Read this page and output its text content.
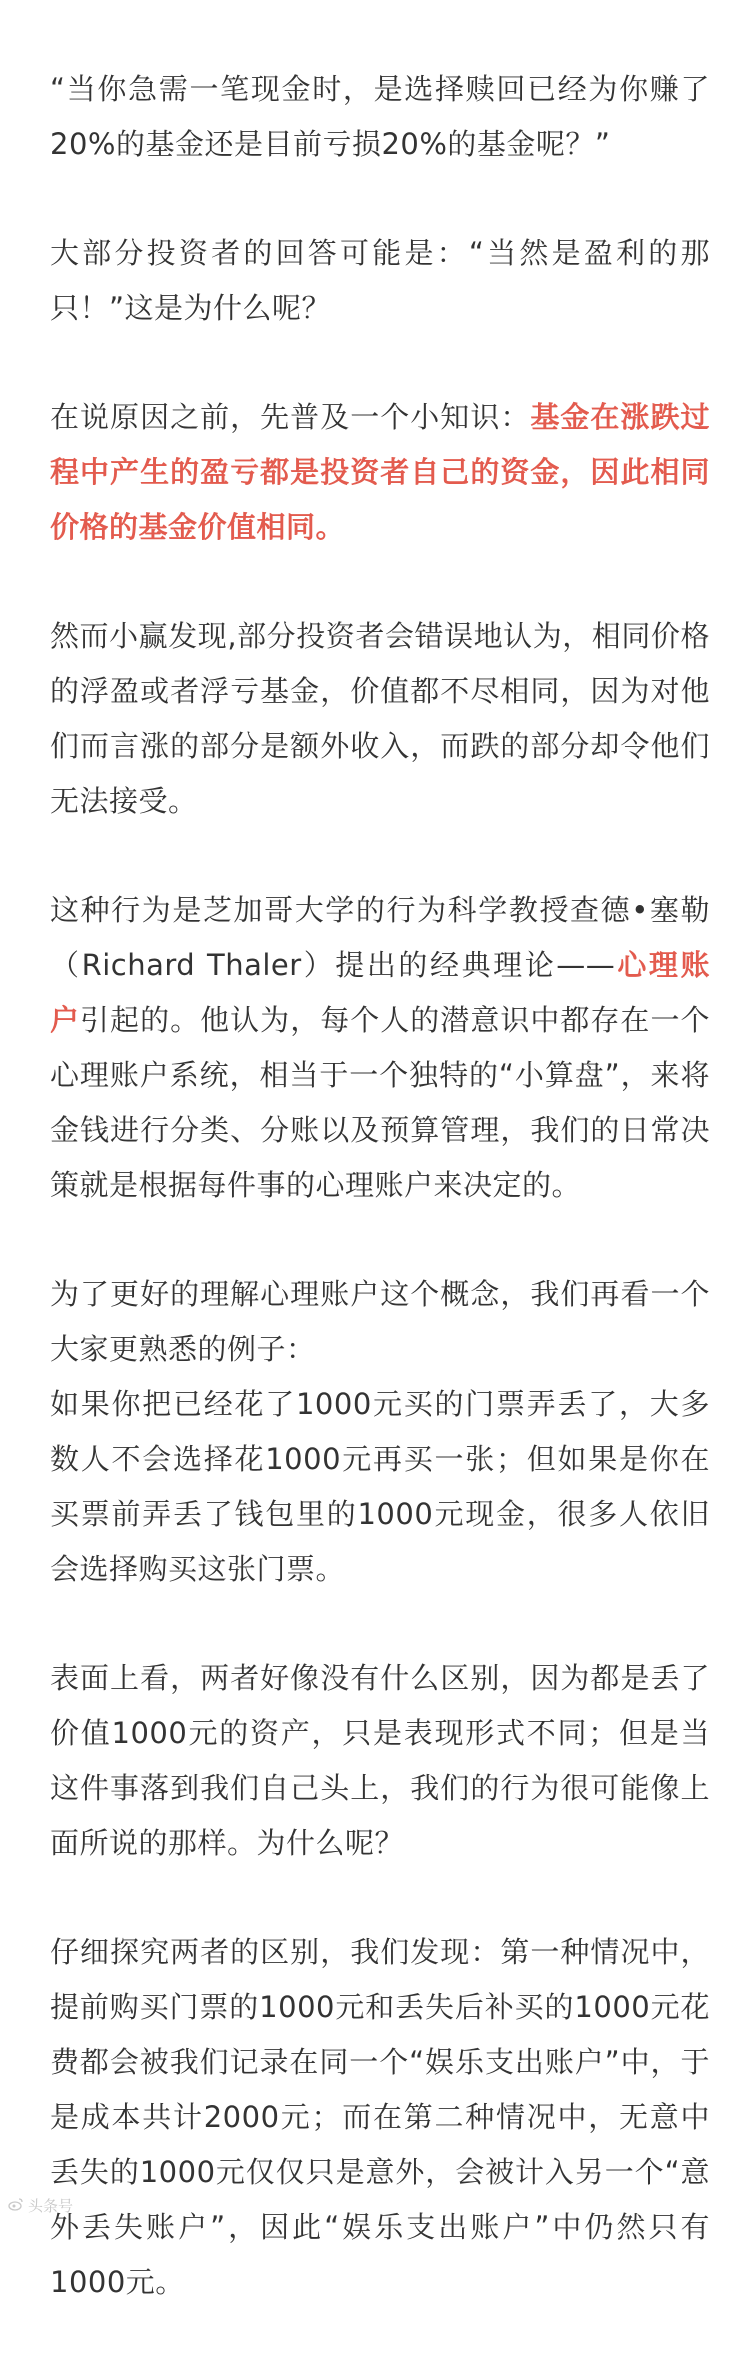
“当你急需一笔现金时，是选择赎回已经为你赚了20%的基金还是目前亏损20%的基金呢？”

大部分投资者的回答可能是：“当然是盈利的那只！”这是为什么呢？

在说原因之前，先普及一个小知识：基金在涨跌过程中产生的盈亏都是投资者自己的资金，因此相同价格的基金价值相同。

然而小赢发现,部分投资者会错误地认为，相同价格的浮盈或者浮亏基金，价值都不尽相同，因为对他们而言涨的部分是额外收入，而跌的部分却令他们无法接受。

这种行为是芝加哥大学的行为科学教授查德•塞勒（Richard Thaler）提出的经典理论——心理账户引起的。他认为，每个人的潜意识中都存在一个心理账户系统，相当于一个独特的“小算盘”，来将金钱进行分类、分账以及预算管理，我们的日常决策就是根据每件事的心理账户来决定的。

为了更好的理解心理账户这个概念，我们再看一个大家更熟悉的例子：

如果你把已经花了1000元买的门票弄丢了，大多数人不会选择花1000元再买一张；但如果是你在买票前弄丢了钱包里的1000元现金，很多人依旧会选择购买这张门票。

表面上看，两者好像没有什么区别，因为都是丢了价值1000元的资产，只是表现形式不同；但是当这件事落到我们自己头上，我们的行为很可能像上面所说的那样。为什么呢？

仔细探究两者的区别，我们发现：第一种情况中，提前购买门票的1000元和丢失后补买的1000元花费都会被我们记录在同一个“娱乐支出账户”中，于是成本共计2000元；而在第二种情况中，无意中丢失的1000元仅仅只是意外，会被计入另一个“意外丢失账户”，因此“娱乐支出账户”中仍然只有1000元。

头条号
